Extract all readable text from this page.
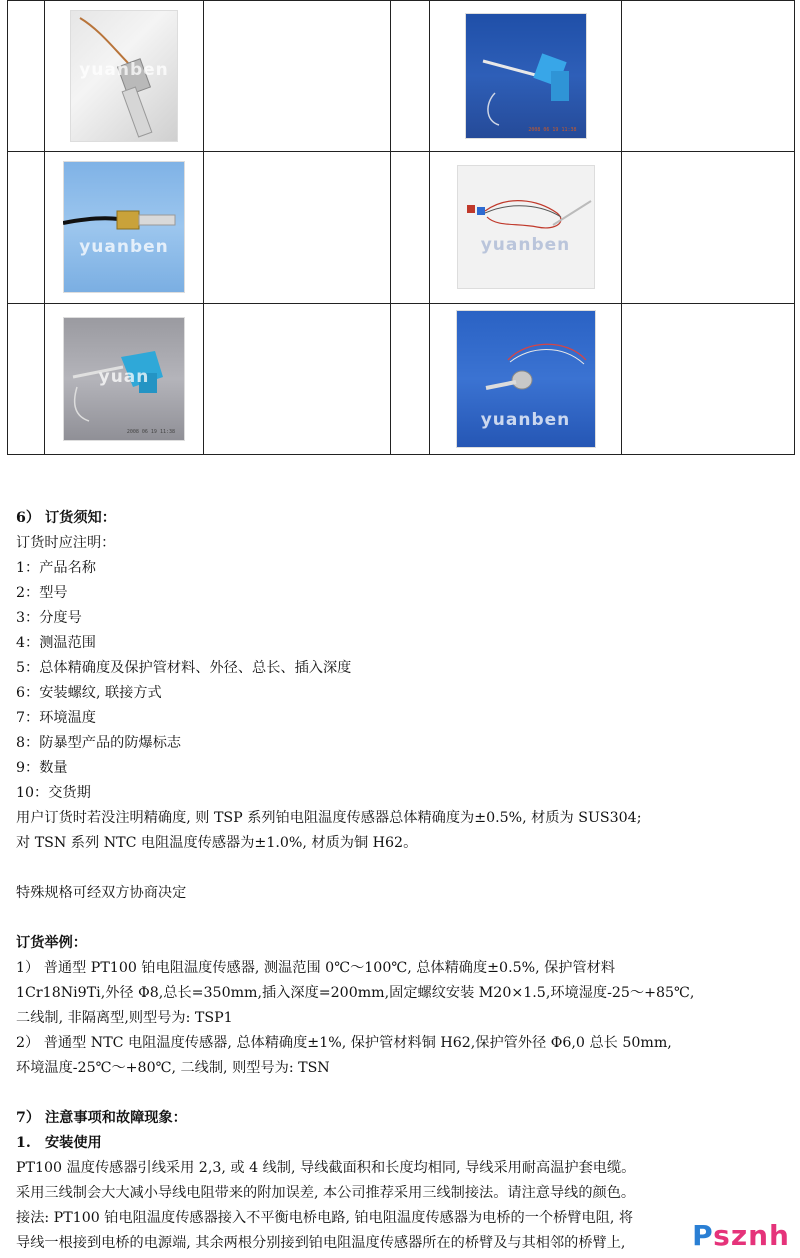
	yuanben			2008 06 19 11:38	

	yuanben			yuanben	

	yuan
2008 06 19 11:38			yuanben	

6） 订货须知：
订货时应注明：
1：产品名称
2：型号
3：分度号
4：测温范围
5：总体精确度及保护管材料、外径、总长、插入深度
6：安装螺纹, 联接方式
7：环境温度
8：防暴型产品的防爆标志
9：数量
10：交货期
用户订货时若没注明精确度, 则 TSP 系列铂电阻温度传感器总体精确度为±0.5%, 材质为 SUS304;
对 TSN 系列 NTC 电阻温度传感器为±1.0%, 材质为铜 H62。
特殊规格可经双方协商决定
订货举例：
1） 普通型 PT100 铂电阻温度传感器, 测温范围 0℃～100℃, 总体精确度±0.5%, 保护管材料
1Cr18Ni9Ti,外径 Φ8,总长=350mm,插入深度=200mm,固定螺纹安装 M20×1.5,环境湿度-25～+85℃,
二线制, 非隔离型,则型号为: TSP1
2） 普通型 NTC 电阻温度传感器, 总体精确度±1%, 保护管材料铜 H62,保护管外径 Φ6,0 总长 50mm,
环境温度-25℃～+80℃, 二线制, 则型号为: TSN
7） 注意事项和故障现象：
1.　安装使用
PT100 温度传感器引线采用 2,3, 或 4 线制, 导线截面积和长度均相同, 导线采用耐高温护套电缆。
采用三线制会大大减小导线电阻带来的附加误差, 本公司推荐采用三线制接法。请注意导线的颜色。
接法: PT100 铂电阻温度传感器接入不平衡电桥电路, 铂电阻温度传感器为电桥的一个桥臂电阻, 将
导线一根接到电桥的电源端, 其余两根分别接到铂电阻温度传感器所在的桥臂及与其相邻的桥臂上,	Psznh
